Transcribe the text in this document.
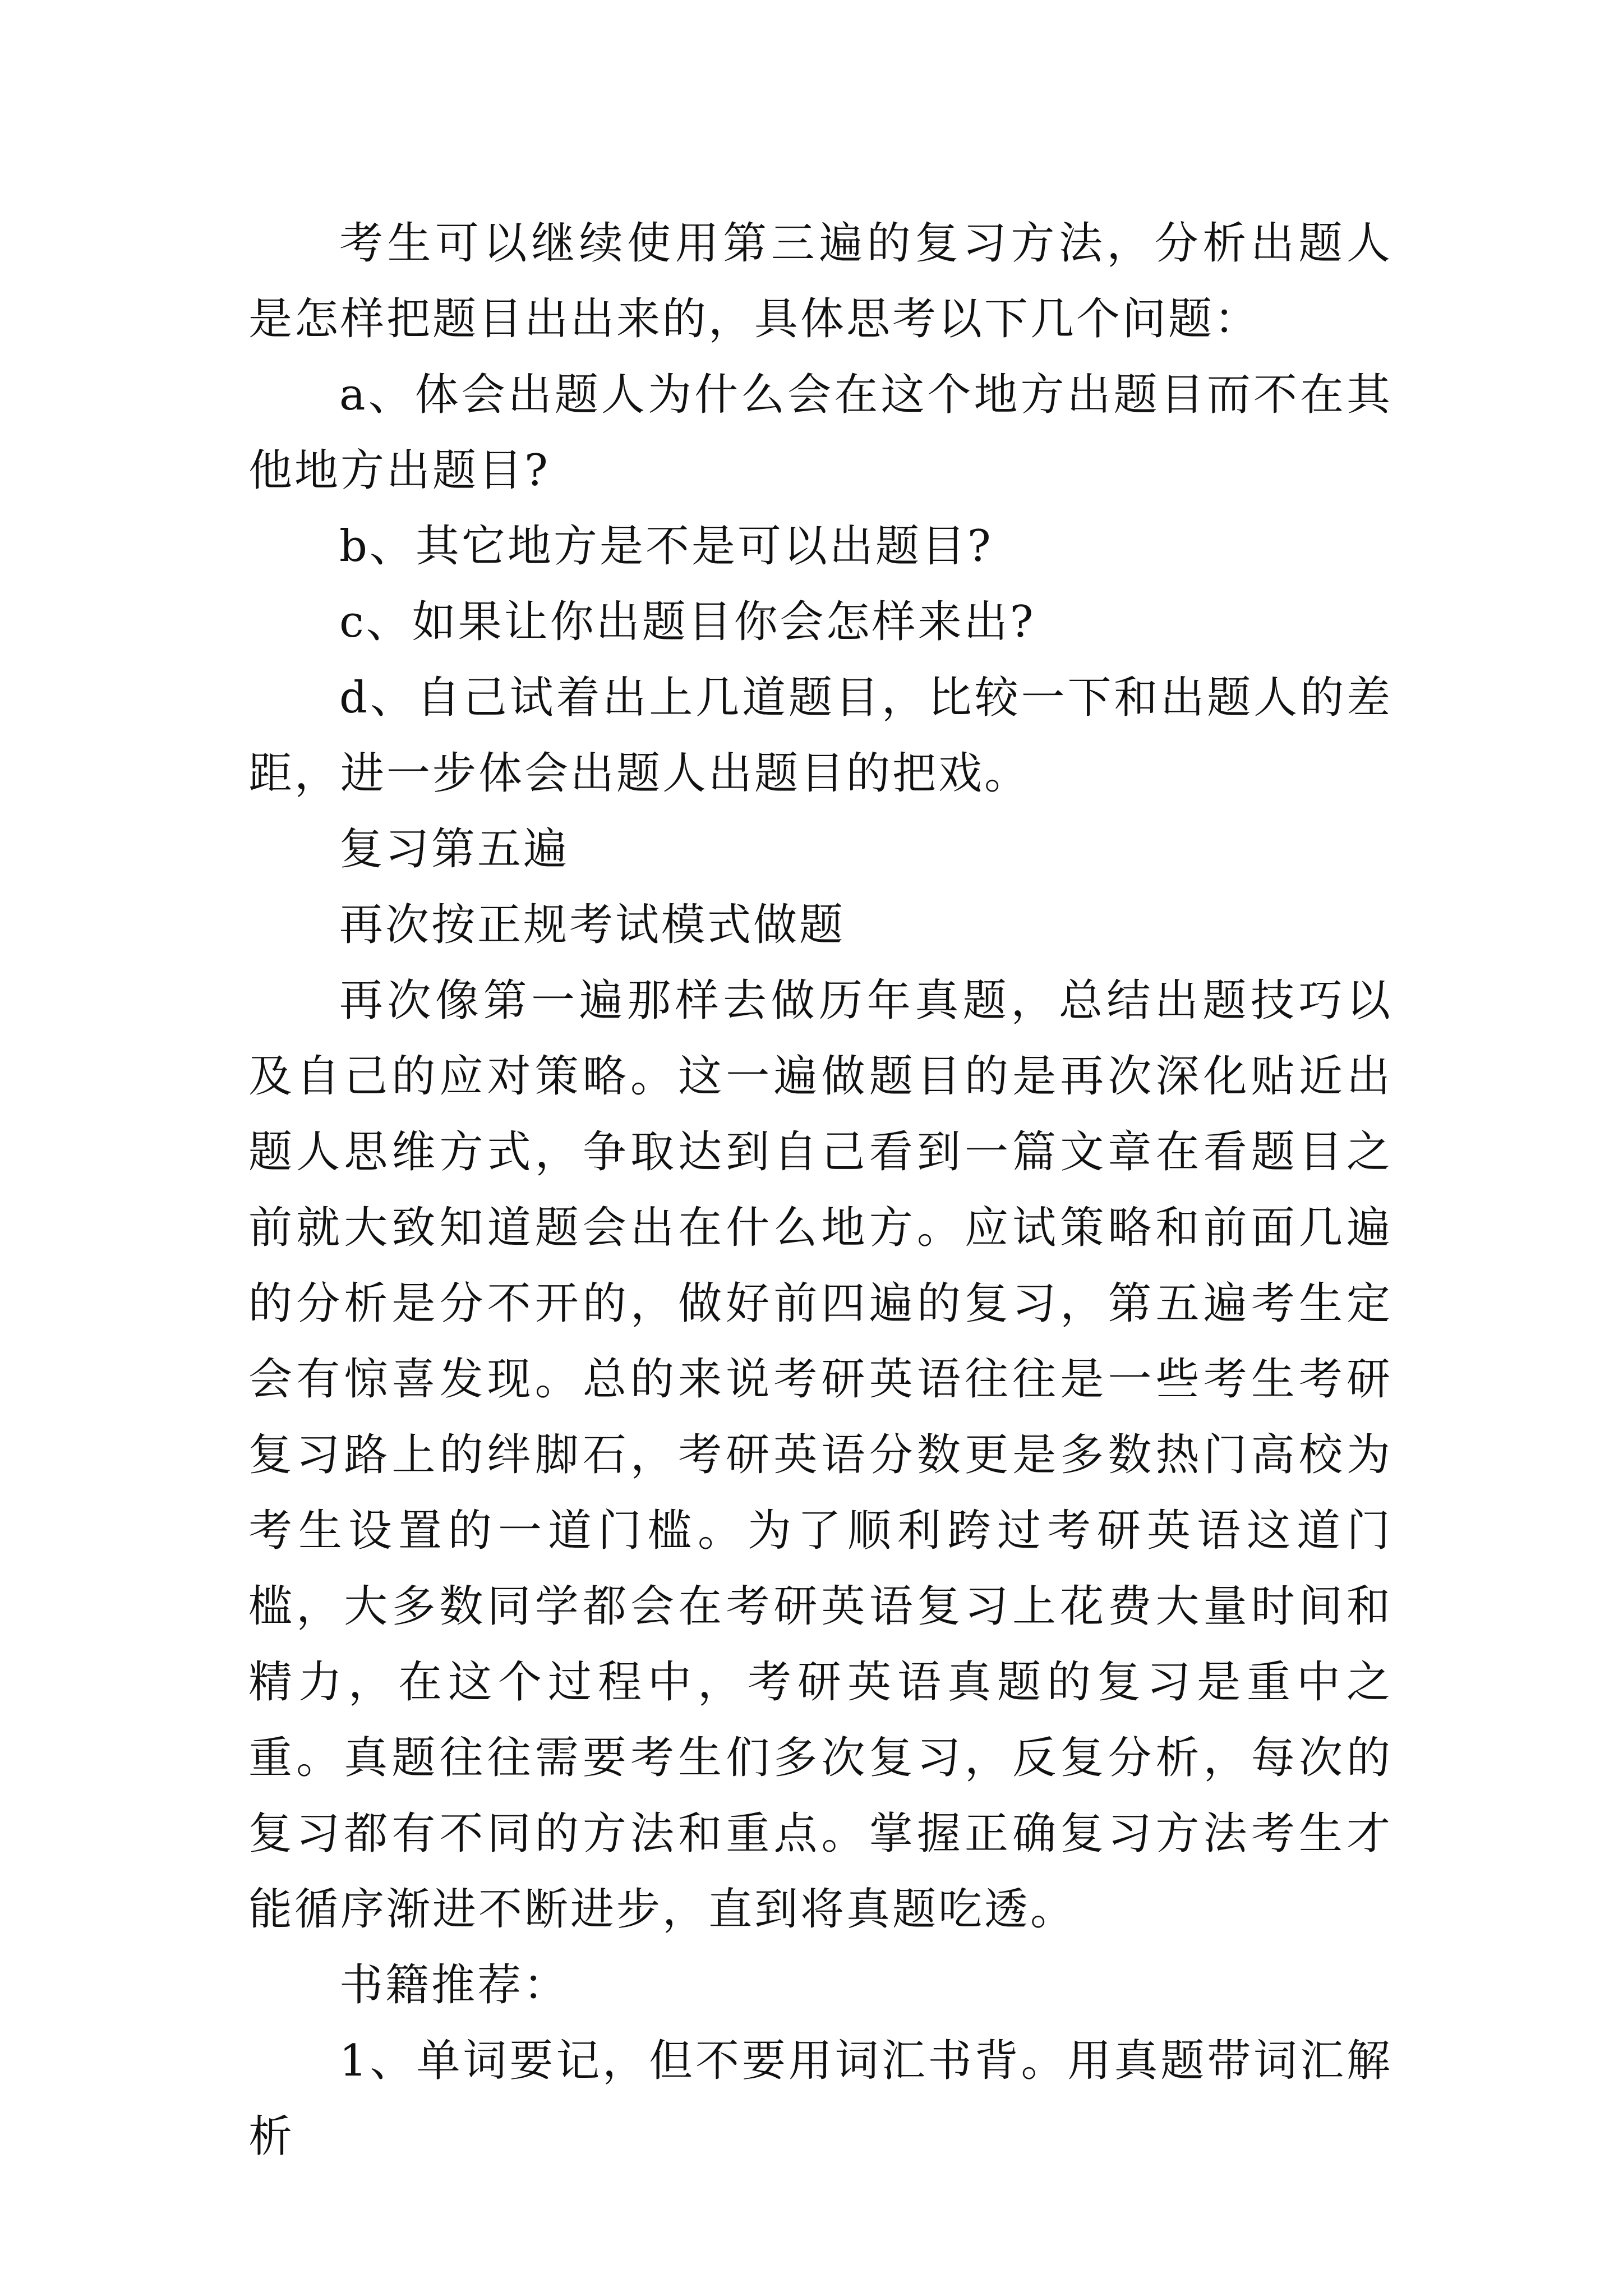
考生可以继续使用第三遍的复习方法，分析出题人是怎样把题目出出来的，具体思考以下几个问题：

a、体会出题人为什么会在这个地方出题目而不在其他地方出题目?

b、其它地方是不是可以出题目?

c、如果让你出题目你会怎样来出?

d、自己试着出上几道题目，比较一下和出题人的差距，进一步体会出题人出题目的把戏。

复习第五遍

再次按正规考试模式做题

再次像第一遍那样去做历年真题，总结出题技巧以及自己的应对策略。这一遍做题目的是再次深化贴近出题人思维方式，争取达到自己看到一篇文章在看题目之前就大致知道题会出在什么地方。应试策略和前面几遍的分析是分不开的，做好前四遍的复习，第五遍考生定会有惊喜发现。总的来说考研英语往往是一些考生考研复习路上的绊脚石，考研英语分数更是多数热门高校为考生设置的一道门槛。为了顺利跨过考研英语这道门槛，大多数同学都会在考研英语复习上花费大量时间和精力，在这个过程中，考研英语真题的复习是重中之重。真题往往需要考生们多次复习，反复分析，每次的复习都有不同的方法和重点。掌握正确复习方法考生才能循序渐进不断进步，直到将真题吃透。

书籍推荐：

1、单词要记，但不要用词汇书背。用真题带词汇解析
